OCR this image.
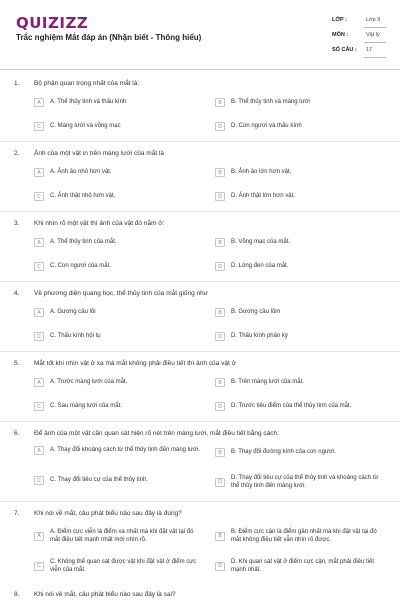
QUIZIZZ
Trắc nghiệm Mắt đáp án (Nhận biết - Thông hiểu)
LỚP :	Lớp 9
MÔN :	Vật lý
SỐ CÂU : 17
1. Bộ phận quan trọng nhất của mắt là:
A	A. Thể thủy tinh và thấu kính	B	B. Thể thủy tinh và màng lưới
C	C. Màng lưới và võng mạc	D	D. Con ngươi và thấu kính
2. Ảnh của một vật in trên màng lưới của mắt là
A	A. Ảnh ảo nhỏ hơn vật.	B	B. Ảnh ảo lớn hơn vật.
C	C. Ảnh thật nhỏ hơn vật.	D	D. Ảnh thật lớn hơn vật.
3. Khi nhìn rõ một vật thì ảnh của vật đó nằm ở:
A	A. Thể thủy tinh của mắt.	B	B. Võng mạc của mắt.
C	C. Con ngươi của mắt.	D	D. Lòng đen của mắt.
4. Về phương diện quang học, thể thủy tinh của mắt giống như
A	A. Gương cầu lồi	B	B. Gương cầu lõm
C	C. Thấu kính hội tụ	D	D. Thấu kính phân kỳ
5. Mắt tốt khi nhìn vật ở xa mà mắt không phải điều tiết thì ảnh của vật ở
A	A. Trước màng lưới của mắt.	B	B. Trên màng lưới của mắt.
C	C. Sau màng lưới của mắt.	D	D. Trước tiêu điểm của thể thủy tinh của mắt.
6. Để ảnh của một vật cần quan sát hiện rõ nét trên màng lưới, mắt điều tiết bằng cách:
A	A. Thay đổi khoảng cách từ thể thủy tinh đến màng lưới.	B	B. Thay đổi đường kính của con ngươi.
C	C. Thay đổi tiêu cự của thể thủy tinh.	D
D. Thay đổi tiêu cự của thể thủy tinh và khoảng cách từ thể thủy tinh đến màng lưới.
7. Khi nói về mắt, câu phát biểu nào sau đây là đúng?
A
A. Điểm cực viễn là điểm xa nhất mà khi đặt vật tại đó mắt điều tiết mạnh nhất mới nhìn rõ.
B
B. Điểm cực cận là điểm gần nhất mà khi đặt vật tại đó mắt không điều tiết vẫn nhìn rõ được.
C
C. Không thể quan sát được vật khi đặt vật ở điểm cực viễn của mắt.
D
D. Khi quan sát vật ở điểm cực cận, mắt phải điều tiết mạnh nhất.
8. Khi nói về mắt, câu phát biểu nào sau đây là sai?
